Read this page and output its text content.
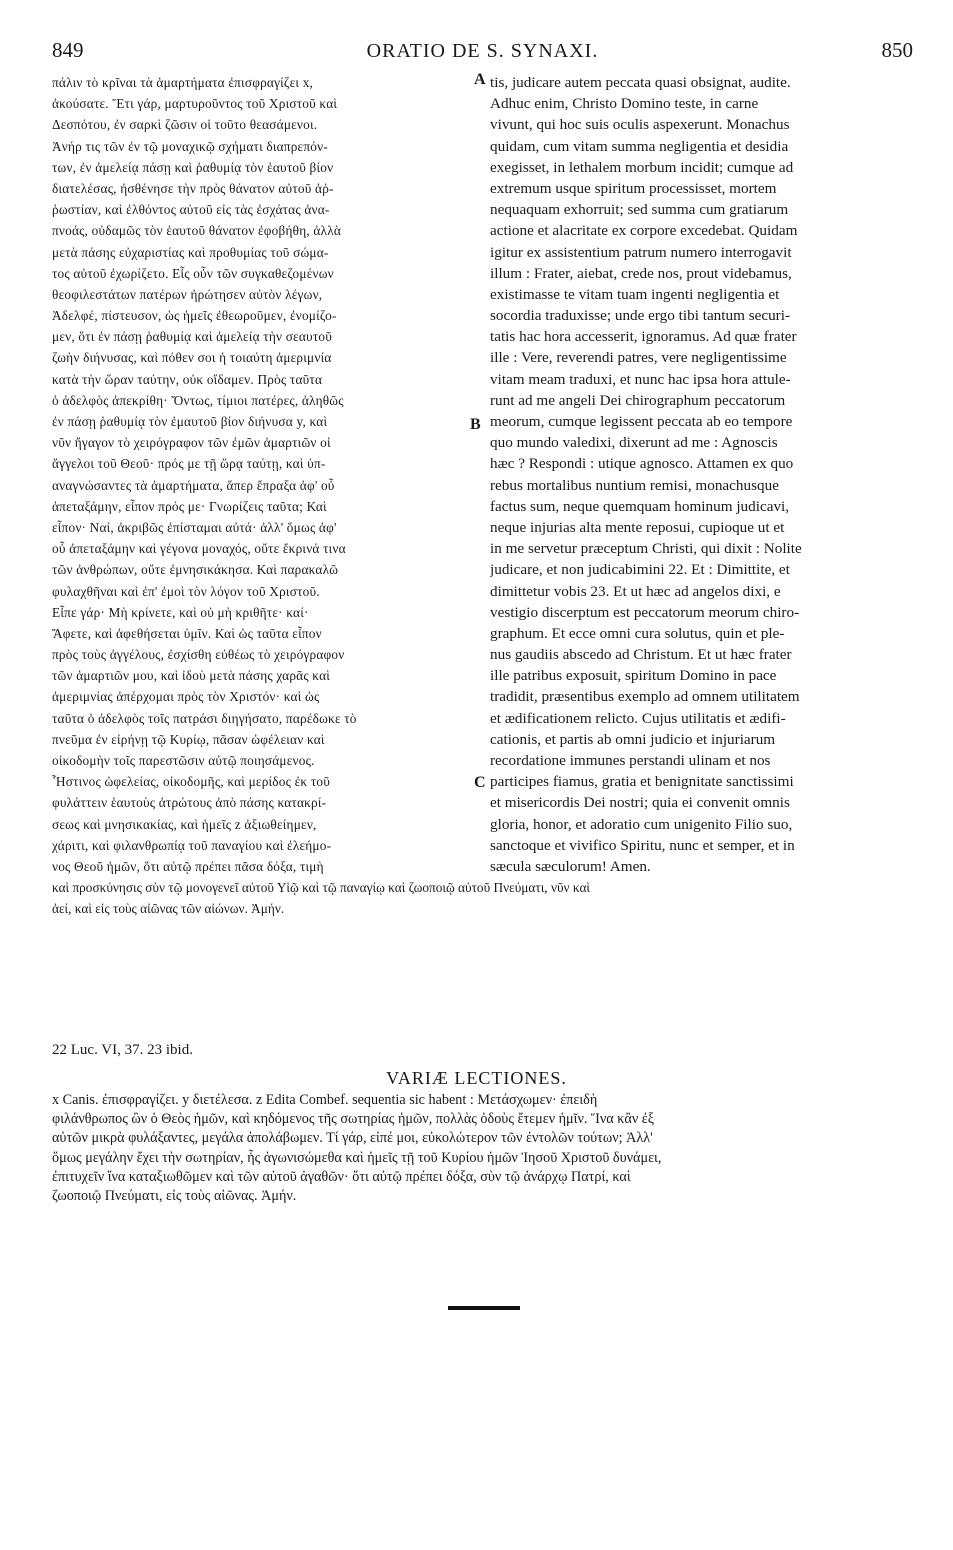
849	ORATIO DE S. SYNAXI.	850
πάλιν τὸ κρῖναι τὰ ἁμαρτήματα ἐπισφραγίζει x,
ἀκούσατε. Ἔτι γάρ, μαρτυροῦντος τοῦ Χριστοῦ καὶ
Δεσπότου, ἐν σαρκὶ ζῶσιν οἱ τοῦτο θεασάμενοι.
Ἀνήρ τις τῶν ἐν τῷ μοναχικῷ σχήματι διαπρεπόν-
των, ἐν ἀμελείᾳ πάσῃ καὶ ῥαθυμίᾳ τὸν ἑαυτοῦ βίον
διατελέσας, ἠσθένησε τὴν πρὸς θάνατον αὐτοῦ ἀῤ-
ῥωστίαν, καὶ ἐλθόντος αὐτοῦ εἰς τὰς ἐσχάτας ἀνα-
πνοάς, οὐδαμῶς τὸν ἑαυτοῦ θάνατον ἐφοβήθη, ἀλλὰ
μετὰ πάσης εὐχαριστίας καὶ προθυμίας τοῦ σώμα-
τος αὐτοῦ ἐχωρίζετο. Εἷς οὖν τῶν συγκαθεζομένων
θεοφιλεστάτων πατέρων ἠρώτησεν αὐτὸν λέγων,
Ἀδελφέ, πίστευσον, ὡς ἡμεῖς ἐθεωροῦμεν, ἐνομίζο-
μεν, ὅτι ἐν πάσῃ ῥαθυμίᾳ καὶ ἀμελείᾳ τὴν σεαυτοῦ
ζωὴν διήνυσας, καὶ πόθεν σοι ἡ τοιαύτη ἀμεριμνία
κατὰ τὴν ὥραν ταύτην, οὐκ οἴδαμεν. Πρὸς ταῦτα
ὁ ἀδελφὸς ἀπεκρίθη· Ὄντως, τίμιοι πατέρες, ἀληθῶς
ἐν πάσῃ ῥαθυμίᾳ τὸν ἐμαυτοῦ βίον διήνυσα y, καὶ
νῦν ἤγαγον τὸ χειρόγραφον τῶν ἐμῶν ἁμαρτιῶν οἱ
ἄγγελοι τοῦ Θεοῦ· πρός με τῇ ὥρᾳ ταύτῃ, καὶ ὑπ-
αναγνώσαντες τὰ ἁμαρτήματα, ἅπερ ἔπραξα ἀφ' οὗ
ἀπεταξάμην, εἶπον πρός με· Γνωρίζεις ταῦτα; Καὶ
εἶπον· Ναί, ἀκριβῶς ἐπίσταμαι αὐτά· ἀλλ' ὅμως ἀφ'
οὗ ἀπεταξάμην καὶ γέγονα μοναχός, οὔτε ἔκρινά τινα
τῶν ἀνθρώπων, οὔτε ἐμνησικάκησα. Καὶ παρακαλῶ
φυλαχθῆναι καὶ ἐπ' ἐμοὶ τὸν λόγον τοῦ Χριστοῦ.
Εἶπε γάρ· Μὴ κρίνετε, καὶ οὐ μὴ κριθῆτε· καί·
Ἄφετε, καὶ ἀφεθήσεται ὑμῖν. Καὶ ὡς ταῦτα εἶπον
πρὸς τοὺς ἀγγέλους, ἐσχίσθη εὐθέως τὸ χειρόγραφον
τῶν ἁμαρτιῶν μου, καὶ ἰδοὺ μετὰ πάσης χαρᾶς καὶ
ἀμεριμνίας ἀπέρχομαι πρὸς τὸν Χριστόν· καὶ ὡς
ταῦτα ὁ ἀδελφὸς τοῖς πατράσι διηγήσατο, παρέδωκε τὸ
πνεῦμα ἐν εἰρήνῃ τῷ Κυρίῳ, πᾶσαν ὠφέλειαν καὶ
οἰκοδομὴν τοῖς παρεστῶσιν αὐτῷ ποιησάμενος.
Ἧστινος ὠφελείας, οἰκοδομῆς, καὶ μερίδος ἐκ τοῦ
φυλάττειν ἑαυτοὺς ἀτρώτους ἀπὸ πάσης κατακρί-
σεως καὶ μνησικακίας, καὶ ἡμεῖς z ἀξιωθείημεν,
χάριτι, καὶ φιλανθρωπίᾳ τοῦ παναγίου καὶ ἐλεήμο-
νος Θεοῦ ἡμῶν, ὅτι αὐτῷ πρέπει πᾶσα δόξα, τιμὴ
tis, judicare autem peccata quasi obsignat, audite.
Adhuc enim, Christo Domino teste, in carne
vivunt, qui hoc suis oculis aspexerunt. Monachus
quidam, cum vitam summa negligentia et desidia
exegisset, in lethalem morbum incidit; cumque ad
extremum usque spiritum processisset, mortem
nequaquam exhorruit; sed summa cum gratiarum
actione et alacritate ex corpore excedebat. Quidam
igitur ex assistentium patrum numero interrogavit
illum : Frater, aiebat, crede nos, prout videbamus,
existimasse te vitam tuam ingenti negligentia et
socordia traduxisse; unde ergo tibi tantum securi-
tatis hac hora accesserit, ignoramus. Ad quæ frater
ille : Vere, reverendi patres, vere negligentissime
vitam meam traduxi, et nunc hac ipsa hora attule-
runt ad me angeli Dei chirographum peccatorum
meorum, cumque legissent peccata ab eo tempore
quo mundo valedixi, dixerunt ad me : Agnoscis
hæc ? Respondi : utique agnosco. Attamen ex quo
rebus mortalibus nuntium remisi, monachusque
factus sum, neque quemquam hominum judicavi,
neque injurias alta mente reposui, cupioque ut et
in me servetur præceptum Christi, qui dixit : Nolite
judicare, et non judicabimini 22. Et : Dimittite, et
dimittetur vobis 23. Et ut hæc ad angelos dixi, e
vestigio discerptum est peccatorum meorum chiro-
graphum. Et ecce omni cura solutus, quin et ple-
nus gaudiis abscedo ad Christum. Et ut hæc frater
ille patribus exposuit, spiritum Domino in pace
tradidit, præsentibus exemplo ad omnem utilitatem
et ædificationem relicto. Cujus utilitatis et ædifi-
cationis, et partis ab omni judicio et injuriarum
recordatione immunes perstandi ulinam et nos
participes fiamus, gratia et benignitate sanctissimi
et misericordis Dei nostri; quia ei convenit omnis
gloria, honor, et adoratio cum unigenito Filio suo,
sanctoque et vivifico Spiritu, nunc et semper, et in
sæcula sæculorum! Amen.
A
B
C
καὶ προσκύνησις σὺν τῷ μονογενεῖ αὐτοῦ Υἱῷ καὶ τῷ παναγίῳ καὶ ζωοποιῷ αὐτοῦ Πνεύματι, νῦν καὶ
ἀεί, καὶ εἰς τοὺς αἰῶνας τῶν αἰώνων. Ἀμήν.
22 Luc. VI, 37. 23 ibid.
VARIÆ LECTIONES.
x Canis. ἐπισφραγίζει. y διετέλεσα. z Edita Combef. sequentia sic habent : Μετάσχωμεν· ἐπειδὴ
φιλάνθρωπος ὢν ὁ Θεὸς ἡμῶν, καὶ κηδόμενος τῆς σωτηρίας ἡμῶν, πολλὰς ὁδοὺς ἔτεμεν ἡμῖν. Ἵνα κἂν ἐξ
αὐτῶν μικρὰ φυλάξαντες, μεγάλα ἀπολάβωμεν. Τί γάρ, εἰπέ μοι, εὐκολώτερον τῶν ἐντολῶν τούτων; Ἀλλ'
ὅμως μεγάλην ἔχει τὴν σωτηρίαν, ἧς ἀγωνισώμεθα καὶ ἡμεῖς τῇ τοῦ Κυρίου ἡμῶν Ἰησοῦ Χριστοῦ δυνάμει,
ἐπιτυχεῖν ἵνα καταξιωθῶμεν καὶ τῶν αὐτοῦ ἀγαθῶν· ὅτι αὐτῷ πρέπει δόξα, σὺν τῷ ἀνάρχῳ Πατρί, καὶ
ζωοποιῷ Πνεύματι, εἰς τοὺς αἰῶνας. Ἀμήν.
